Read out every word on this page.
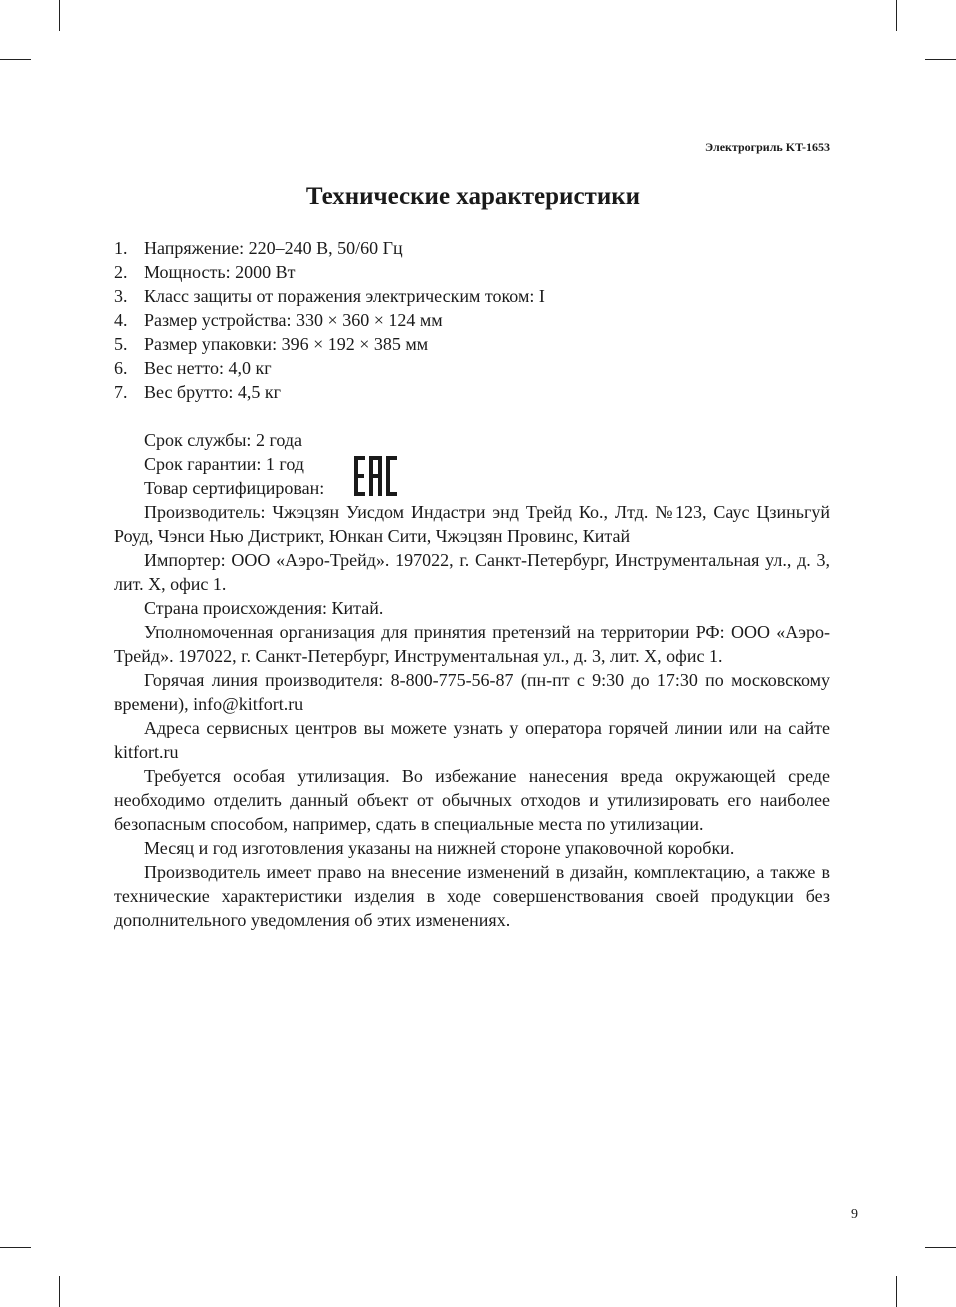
Электрогриль KT-1653
Технические характеристики
1. Напряжение: 220–240 В, 50/60 Гц
2. Мощность: 2000 Вт
3. Класс защиты от поражения электрическим током: I
4. Размер устройства: 330 × 360 × 124 мм
5. Размер упаковки: 396 × 192 × 385 мм
6. Вес нетто: 4,0 кг
7. Вес брутто: 4,5 кг

Срок службы: 2 года

Срок гарантии: 1 год

Товар сертифицирован:

Производитель: Чжэцзян Уисдом Индастри энд Трейд Ко., Лтд. №123, Саус Цзиньгуй Роуд, Чэнси Нью Дистрикт, Юнкан Сити, Чжэцзян Провинс, Китай

Импортер: ООО «Аэро-Трейд». 197022, г. Санкт-Петербург, Инструментальная ул., д. 3, лит. Х, офис 1.

Страна происхождения: Китай.

Уполномоченная организация для принятия претензий на территории РФ: ООО «Аэро-Трейд». 197022, г. Санкт-Петербург, Инструментальная ул., д. 3, лит. Х, офис 1.

Горячая линия производителя: 8-800-775-56-87 (пн-пт с 9:30 до 17:30 по московскому времени), info@kitfort.ru

Адреса сервисных центров вы можете узнать у оператора горячей линии или на сайте kitfort.ru

Требуется особая утилизация. Во избежание нанесения вреда окружающей среде необходимо отделить данный объект от обычных отходов и утилизировать его наиболее безопасным способом, например, сдать в специальные места по утилизации.

Месяц и год изготовления указаны на нижней стороне упаковочной коробки.

Производитель имеет право на внесение изменений в дизайн, комплектацию, а также в технические характеристики изделия в ходе совершенствования своей продукции без дополнительного уведомления об этих изменениях.

9
